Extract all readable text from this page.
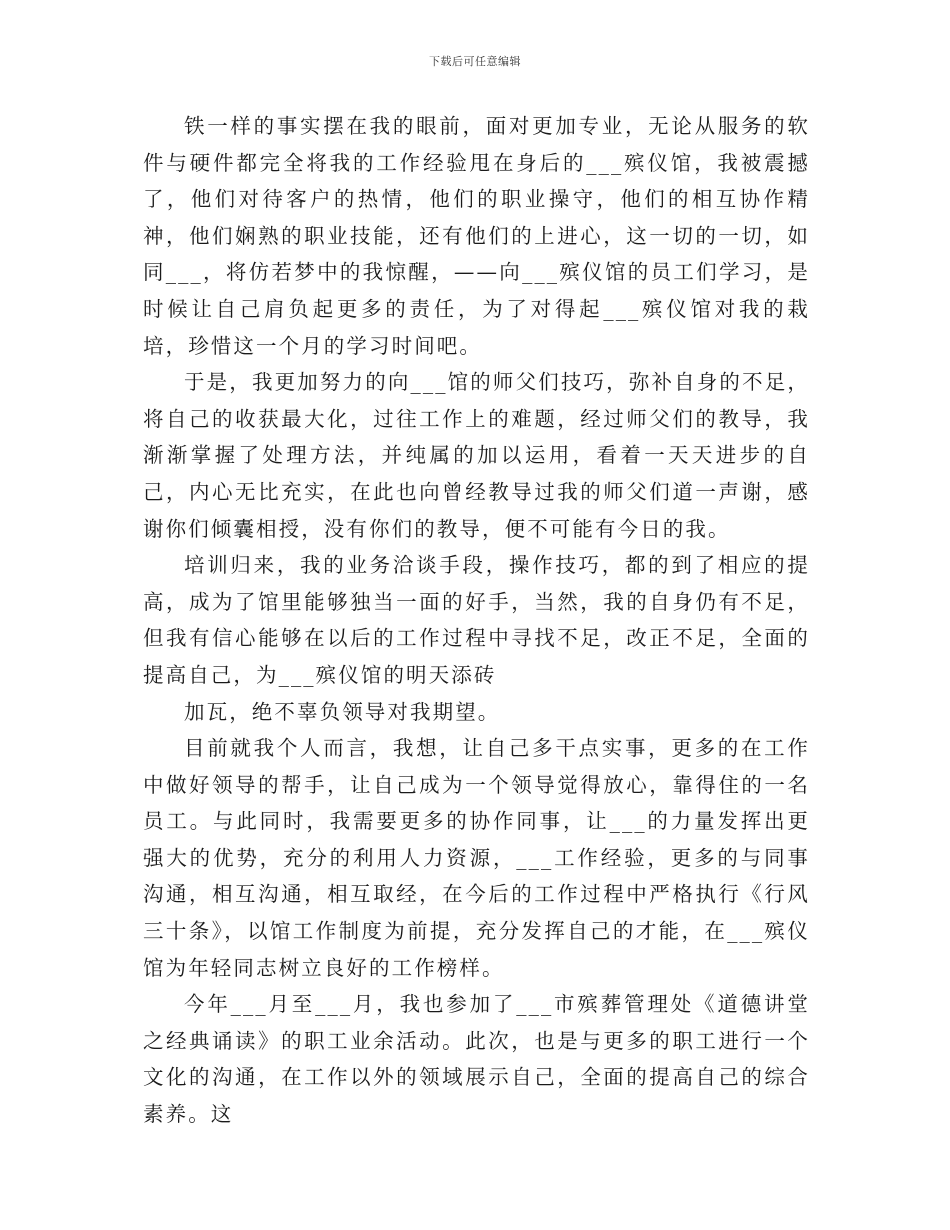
下载后可任意编辑

铁一样的事实摆在我的眼前，面对更加专业，无论从服务的软件与硬件都完全将我的工作经验甩在身后的___殡仪馆，我被震撼了，他们对待客户的热情，他们的职业操守，他们的相互协作精神，他们娴熟的职业技能，还有他们的上进心，这一切的一切，如同___，将仿若梦中的我惊醒，——向___殡仪馆的员工们学习，是时候让自己肩负起更多的责任，为了对得起___殡仪馆对我的栽培，珍惜这一个月的学习时间吧。

于是，我更加努力的向___馆的师父们技巧，弥补自身的不足，将自己的收获最大化，过往工作上的难题，经过师父们的教导，我渐渐掌握了处理方法，并纯属的加以运用，看着一天天进步的自己，内心无比充实，在此也向曾经教导过我的师父们道一声谢，感谢你们倾囊相授，没有你们的教导，便不可能有今日的我。

培训归来，我的业务洽谈手段，操作技巧，都的到了相应的提高，成为了馆里能够独当一面的好手，当然，我的自身仍有不足，但我有信心能够在以后的工作过程中寻找不足，改正不足，全面的提高自己，为___殡仪馆的明天添砖

加瓦，绝不辜负领导对我期望。

目前就我个人而言，我想，让自己多干点实事，更多的在工作中做好领导的帮手，让自己成为一个领导觉得放心，靠得住的一名员工。与此同时，我需要更多的协作同事，让___的力量发挥出更强大的优势，充分的利用人力资源，___工作经验，更多的与同事沟通，相互沟通，相互取经，在今后的工作过程中严格执行《行风三十条》，以馆工作制度为前提，充分发挥自己的才能，在___殡仪馆为年轻同志树立良好的工作榜样。

今年___月至___月，我也参加了___市殡葬管理处《道德讲堂之经典诵读》的职工业余活动。此次，也是与更多的职工进行一个文化的沟通，在工作以外的领域展示自己，全面的提高自己的综合素养。这
